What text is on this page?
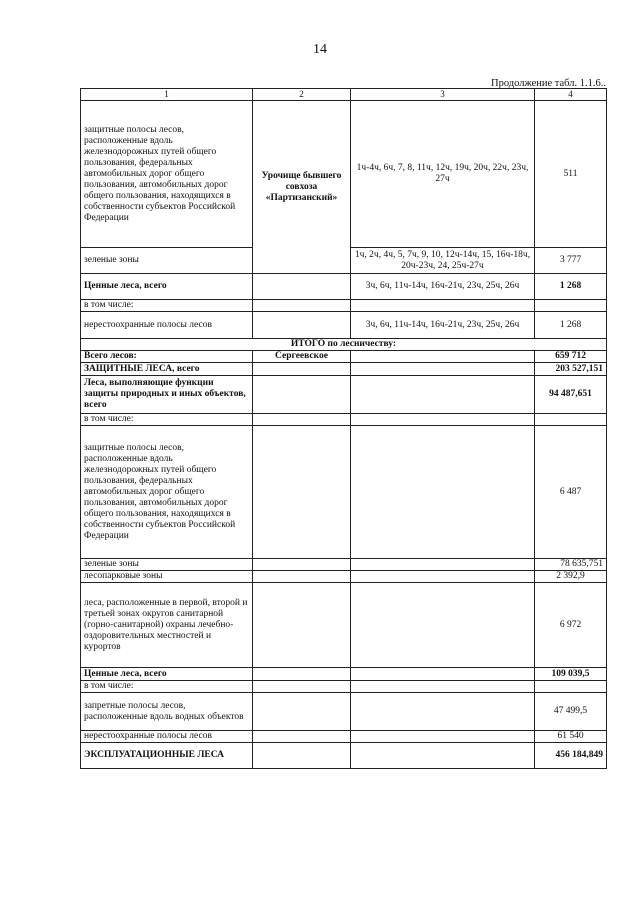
14
Продолжение табл. 1.1.6..
1	2	3	4
защитные полосы лесов, расположенные вдоль железнодорожных путей общего пользования, федеральных автомобильных дорог общего пользования, автомобильных дорог общего пользования, находящихся в собственности субъектов Российской Федерации	Урочище бывшего совхоза «Партизанский»	1ч-4ч, 6ч, 7, 8, 11ч, 12ч, 19ч, 20ч, 22ч, 23ч, 27ч	511
зеленые зоны		1ч, 2ч, 4ч, 5, 7ч, 9, 10, 12ч-14ч, 15, 16ч-18ч, 20ч-23ч, 24, 25ч-27ч	3 777
Ценные леса, всего		3ч, 6ч, 11ч-14ч, 16ч-21ч, 23ч, 25ч, 26ч	1 268
в том числе:			
нерестоохранные полосы лесов		3ч, 6ч, 11ч-14ч, 16ч-21ч, 23ч, 25ч, 26ч	1 268
ИТОГО по лесничеству:			
Всего лесов:	Сергеевское		659 712
ЗАЩИТНЫЕ ЛЕСА, всего			203 527,151
Леса, выполняющие функции защиты природных и иных объектов, всего			94 487,651
в том числе:			
защитные полосы лесов, расположенные вдоль железнодорожных путей общего пользования, федеральных автомобильных дорог общего пользования, автомобильных дорог общего пользования, находящихся в собственности субъектов Российской Федерации			6 487
зеленые зоны			78 635,751
лесопарковые зоны			2 392,9
леса, расположенные в первой, второй и третьей зонах округов санитарной (горно-санитарной) охраны лечебно-оздоровительных местностей и курортов			6 972
Ценные леса, всего			109 039,5
в том числе:			
запретные полосы лесов, расположенные вдоль водных объектов			47 499,5
нерестоохранные полосы лесов			61 540
ЭКСПЛУАТАЦИОННЫЕ ЛЕСА			456 184,849
